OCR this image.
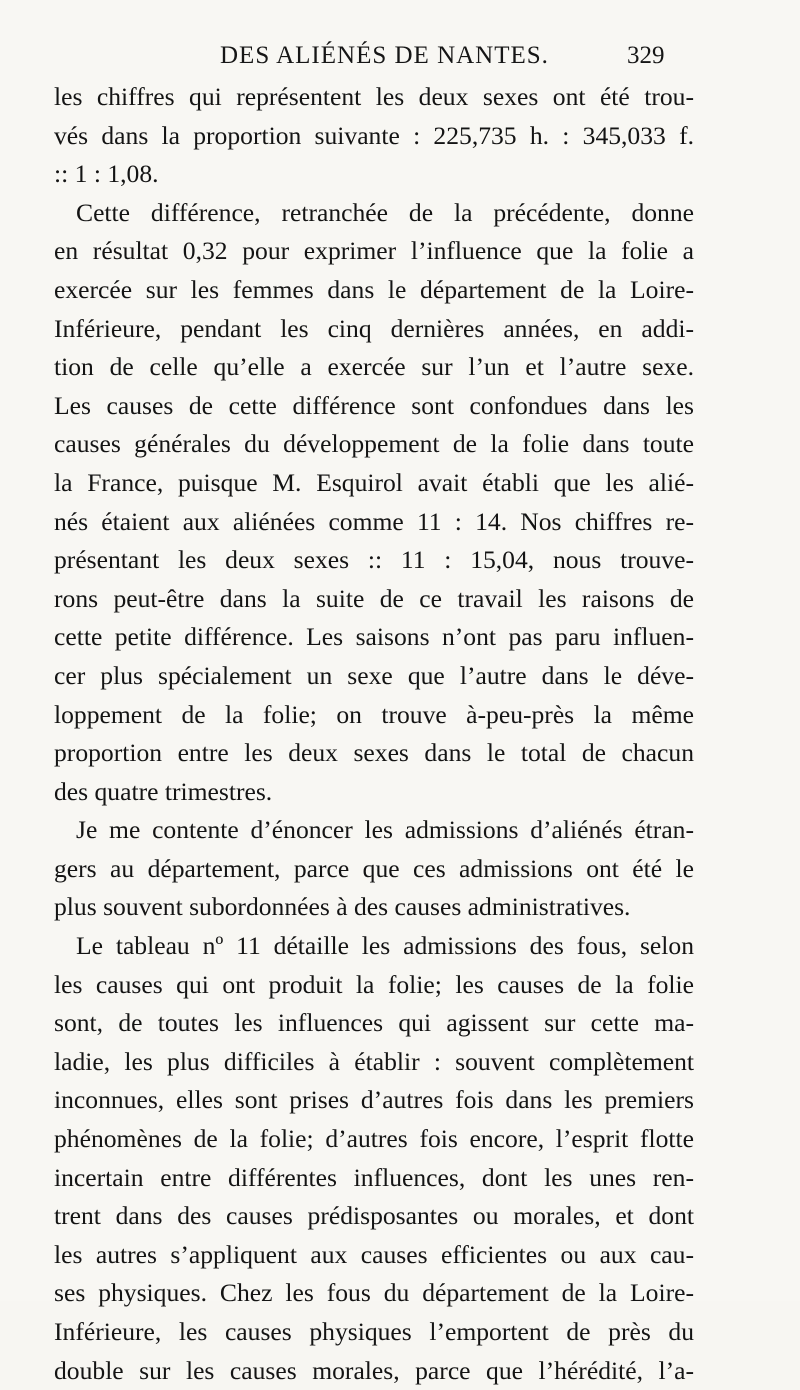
DES ALIÉNÉS DE NANTES.	329
les chiffres qui représentent les deux sexes ont été trou-
vés dans la proportion suivante : 225,735 h. : 345,033 f.
:: 1 : 1,08.
Cette différence, retranchée de la précédente, donne
en résultat 0,32 pour exprimer l’influence que la folie a
exercée sur les femmes dans le département de la Loire-
Inférieure, pendant les cinq dernières années, en addi-
tion de celle qu’elle a exercée sur l’un et l’autre sexe.
Les causes de cette différence sont confondues dans les
causes générales du développement de la folie dans toute
la France, puisque M. Esquirol avait établi que les alié-
nés étaient aux aliénées comme 11 : 14. Nos chiffres re-
présentant les deux sexes :: 11 : 15,04, nous trouve-
rons peut-être dans la suite de ce travail les raisons de
cette petite différence. Les saisons n’ont pas paru influen-
cer plus spécialement un sexe que l’autre dans le déve-
loppement de la folie; on trouve à-peu-près la même
proportion entre les deux sexes dans le total de chacun
des quatre trimestres.
Je me contente d’énoncer les admissions d’aliénés étran-
gers au département, parce que ces admissions ont été le
plus souvent subordonnées à des causes administratives.
Le tableau nº 11 détaille les admissions des fous, selon
les causes qui ont produit la folie; les causes de la folie
sont, de toutes les influences qui agissent sur cette ma-
ladie, les plus difficiles à établir : souvent complètement
inconnues, elles sont prises d’autres fois dans les premiers
phénomènes de la folie; d’autres fois encore, l’esprit flotte
incertain entre différentes influences, dont les unes ren-
trent dans des causes prédisposantes ou morales, et dont
les autres s’appliquent aux causes efficientes ou aux cau-
ses physiques. Chez les fous du département de la Loire-
Inférieure, les causes physiques l’emportent de près du
double sur les causes morales, parce que l’hérédité, l’a-
